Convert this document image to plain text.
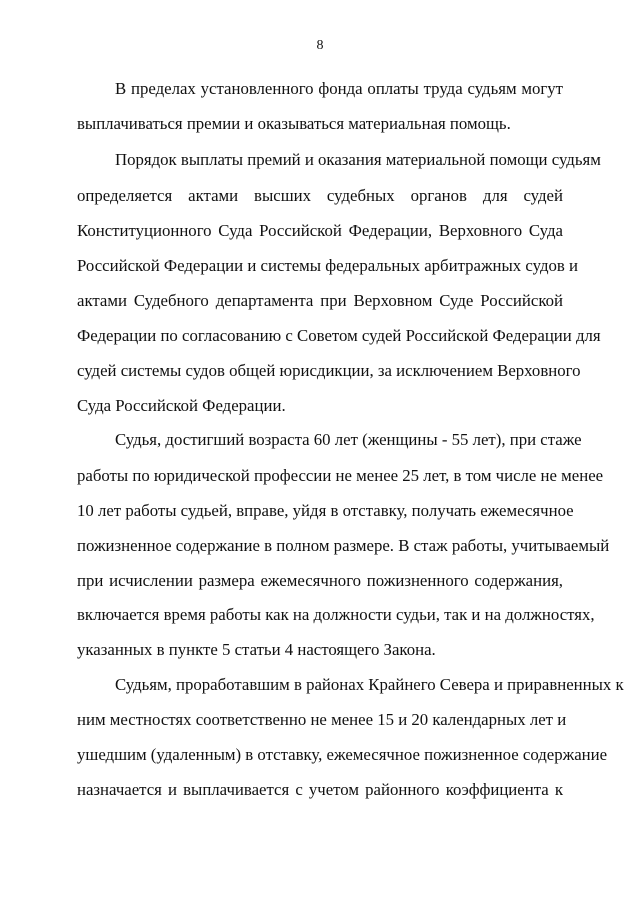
8
В пределах установленного фонда оплаты труда судьям могут
выплачиваться премии и оказываться материальная помощь.
Порядок выплаты премий и оказания материальной помощи судьям
определяется актами высших судебных органов для судей
Конституционного Суда Российской Федерации, Верховного Суда
Российской Федерации и системы федеральных арбитражных судов и
актами Судебного департамента при Верховном Суде Российской
Федерации по согласованию с Советом судей Российской Федерации для
судей системы судов общей юрисдикции, за исключением Верховного
Суда Российской Федерации.
Судья, достигший возраста 60 лет (женщины - 55 лет), при стаже
работы по юридической профессии не менее 25 лет, в том числе не менее
10 лет работы судьей, вправе, уйдя в отставку, получать ежемесячное
пожизненное содержание в полном размере. В стаж работы, учитываемый
при исчислении размера ежемесячного пожизненного содержания,
включается время работы как на должности судьи, так и на должностях,
указанных в пункте 5 статьи 4 настоящего Закона.
Судьям, проработавшим в районах Крайнего Севера и приравненных к
ним местностях соответственно не менее 15 и 20 календарных лет и
ушедшим (удаленным) в отставку, ежемесячное пожизненное содержание
назначается и выплачивается с учетом районного коэффициента к
